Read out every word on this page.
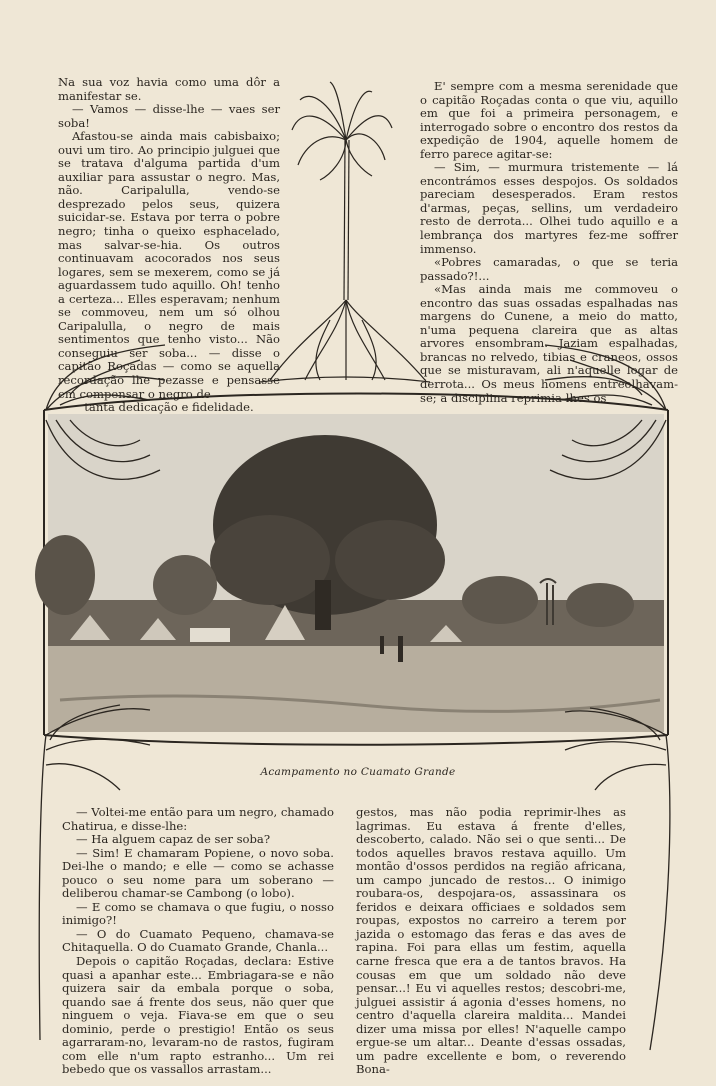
Na sua voz havia como uma dôr a manifestar se.

— Vamos — disse-lhe — vaes ser soba!

Afastou-se ainda mais cabisbaixo; ouvi um tiro. Ao principio julguei que se tratava d'alguma partida d'um auxiliar para assustar o negro. Mas, não. Caripalulla, vendo-se desprezado pelos seus, quizera suicidar-se. Estava por terra o pobre negro; tinha o queixo esphacelado, mas salvar-se-hia. Os outros continuavam acocorados nos seus logares, sem se mexerem, como se já aguardassem tudo aquillo. Oh! tenho a certeza... Elles esperavam; nenhum se commoveu, nem um só olhou Caripalulla, o negro de mais sentimentos que tenho visto... Não conseguiu ser soba... — disse o capitão Roçadas — como se aquella recordação lhe pezasse e pensasse em compensar o negro de

tanta dedicação e fidelidade.

E' sempre com a mesma serenidade que o capitão Roçadas conta o que viu, aquillo em que foi a primeira personagem, e interrogado sobre o encontro dos restos da expedição de 1904, aquelle homem de ferro parece agitar-se:

— Sim, — murmura tristemente — lá encontrámos esses despojos. Os soldados pareciam desesperados. Eram restos d'armas, peças, sellins, um verdadeiro resto de derrota... Olhei tudo aquillo e a lembrança dos martyres fez-me soffrer immenso.

«Pobres camaradas, o que se teria passado?!...

«Mas ainda mais me commoveu o encontro das suas ossadas espalhadas nas margens do Cunene, a meio do matto, n'uma pequena clareira que as altas arvores ensombram. Jaziam espalhadas, brancas no relvedo, tibias e craneos, ossos que se misturavam, ali n'aquelle logar de derrota... Os meus homens entreolhavam-se; a disciplina reprimia-lhes os

Acampamento no Cuamato Grande

— Voltei-me então para um negro, chamado Chatirua, e disse-lhe:

— Ha alguem capaz de ser soba?

— Sim! E chamaram Popiene, o novo soba. Dei-lhe o mando; e elle — como se achasse pouco o seu nome para um soberano — deliberou chamar-se Cambong (o lobo).

— E como se chamava o que fugiu, o nosso inimigo?!

— O do Cuamato Pequeno, chamava-se Chitaquella. O do Cuamato Grande, Chanla...

Depois o capitão Roçadas, declara: Estive quasi a apanhar este... Embriagara-se e não quizera sair da embala porque o soba, quando sae á frente dos seus, não quer que ninguem o veja. Fiava-se em que o seu dominio, perde o prestigio! Então os seus agarraram-no, levaram-no de rastos, fugiram com elle n'um rapto estranho... Um rei bebedo que os vassallos arrastam...

gestos, mas não podia reprimir-lhes as lagrimas. Eu estava á frente d'elles, descoberto, calado. Não sei o que senti... De todos aquelles bravos restava aquillo. Um montão d'ossos perdidos na região africana, um campo juncado de restos... O inimigo roubara-os, despojara-os, assassinara os feridos e deixara officiaes e soldados sem roupas, expostos no carreiro a terem por jazida o estomago das feras e das aves de rapina. Foi para ellas um festim, aquella carne fresca que era a de tantos bravos. Ha cousas em que um soldado não deve pensar...! Eu vi aquelles restos; descobri-me, julguei assistir á agonia d'esses homens, no centro d'aquella clareira maldita... Mandei dizer uma missa por elles! N'aquelle campo ergue-se um altar... Deante d'essas ossadas, um padre excellente e bom, o reverendo Bona-
